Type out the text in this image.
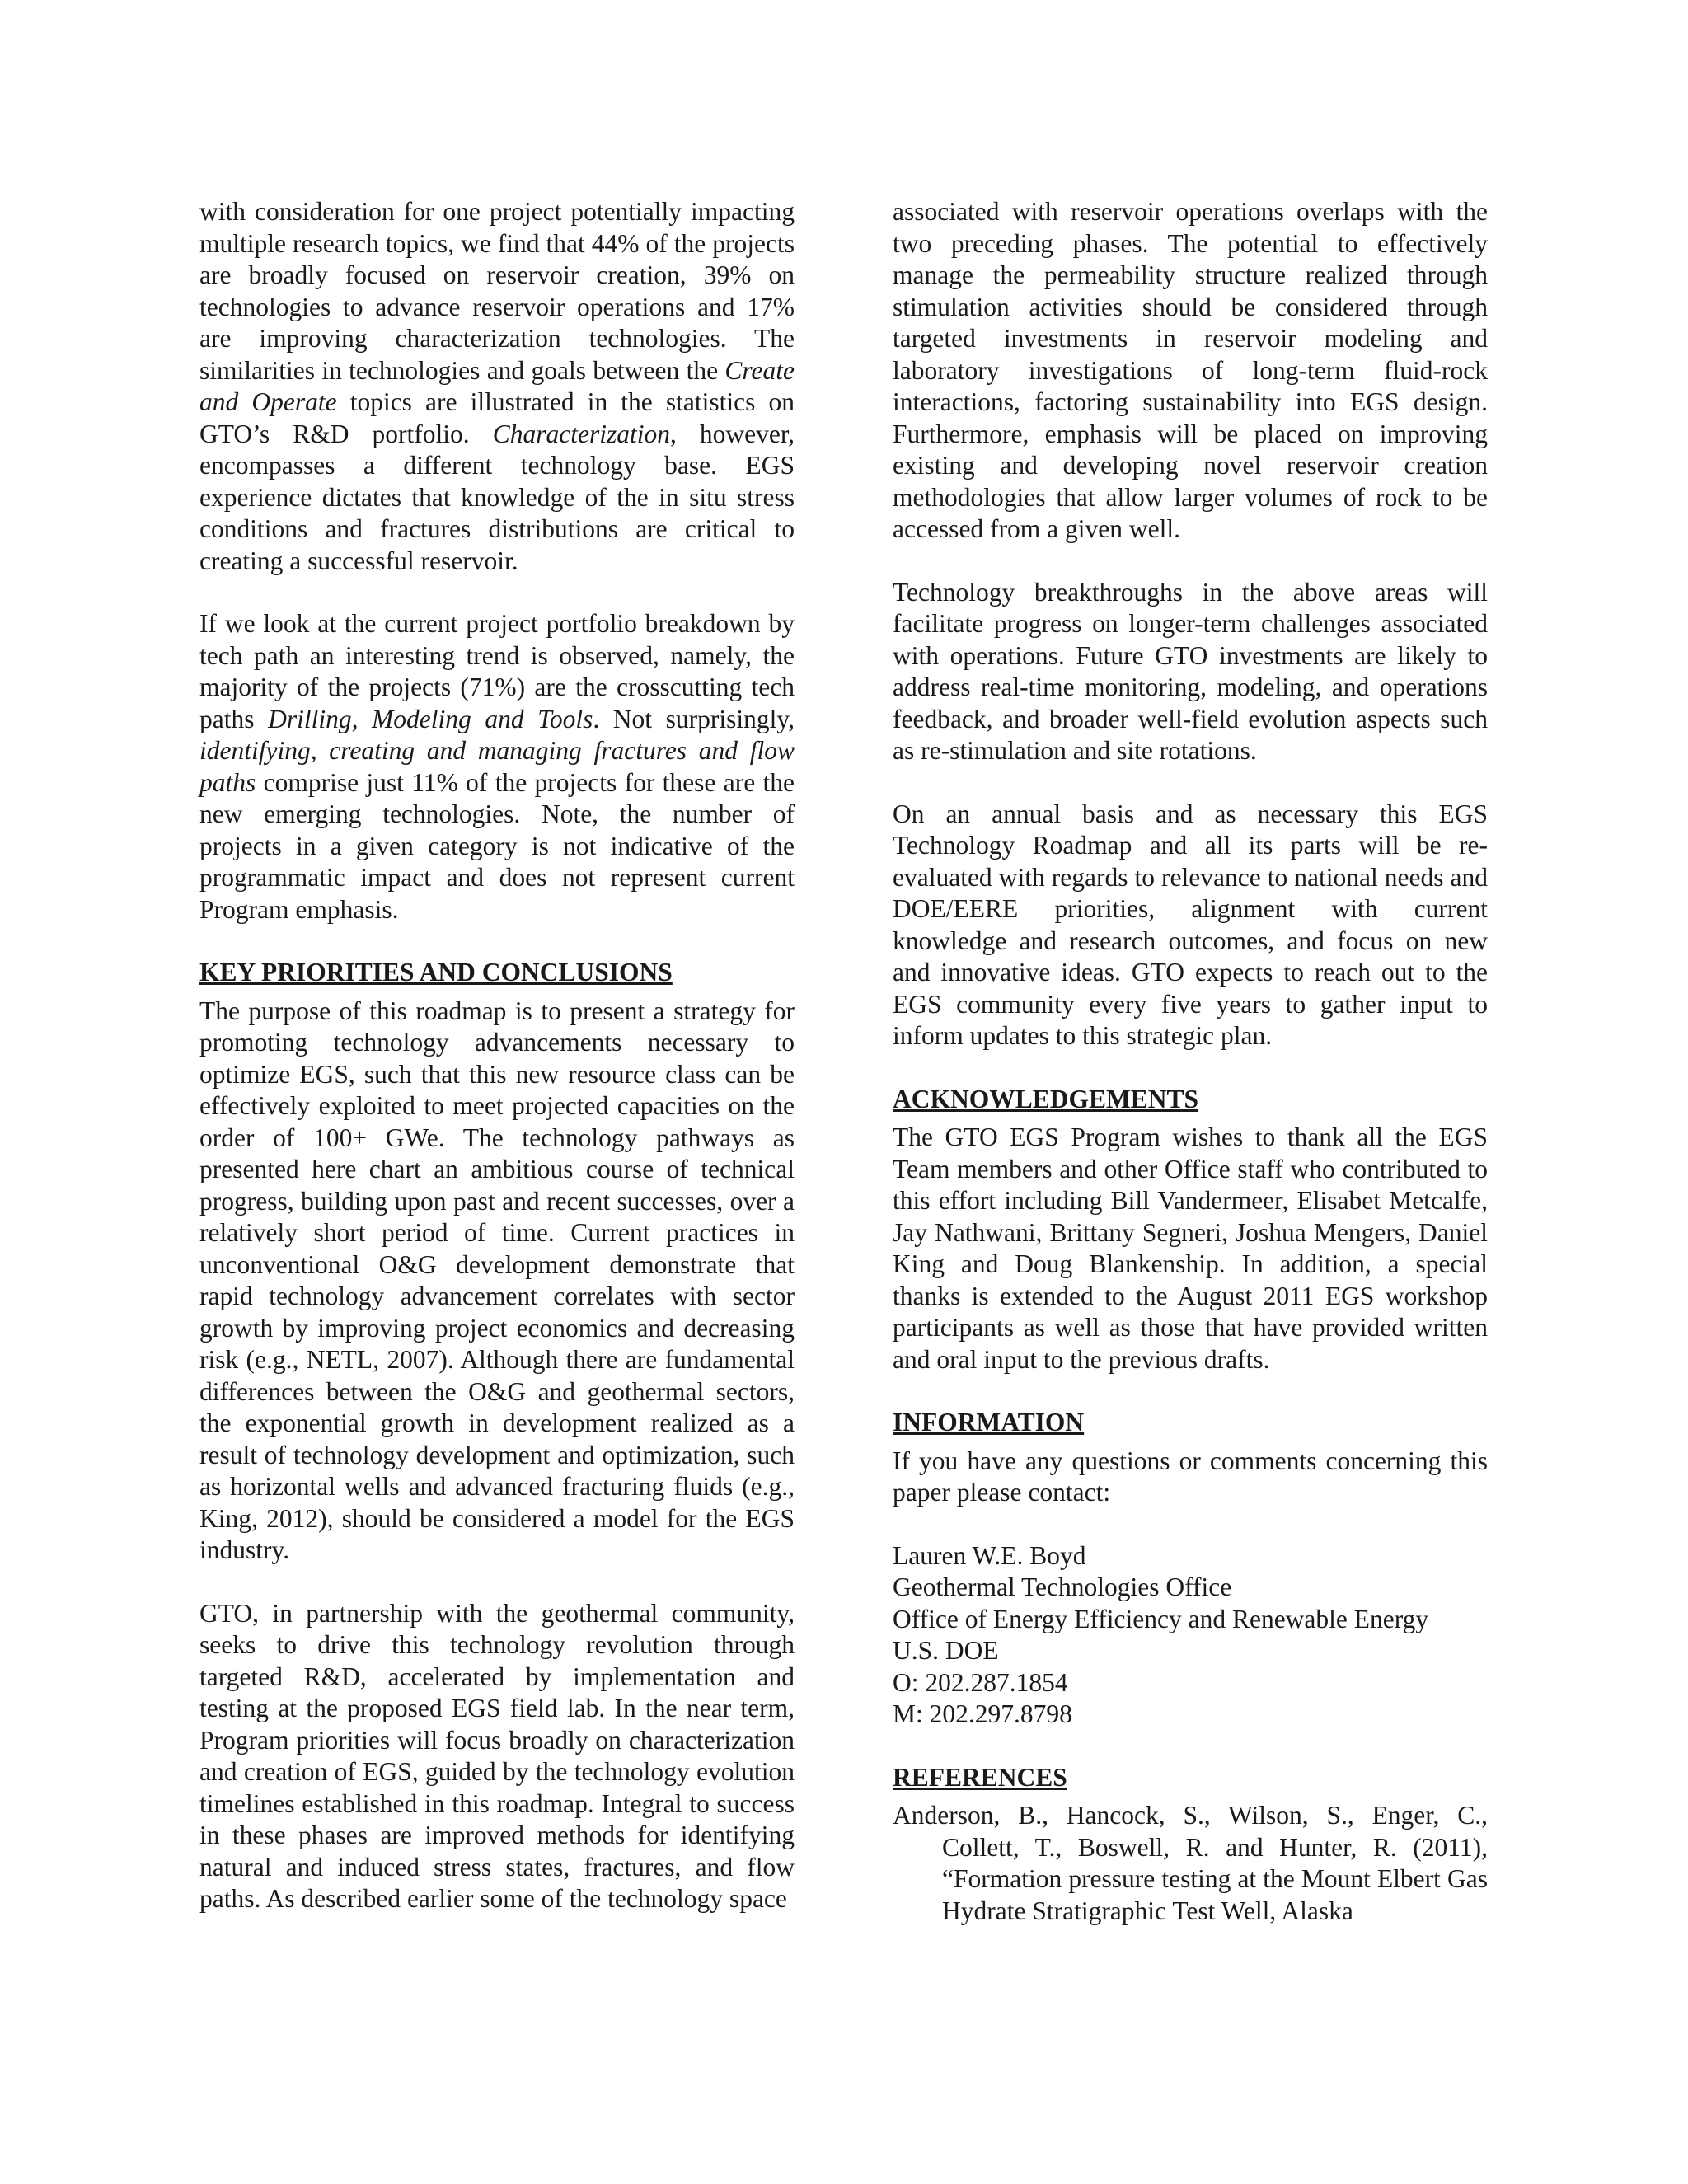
with consideration for one project potentially impacting multiple research topics, we find that 44% of the projects are broadly focused on reservoir creation, 39% on technologies to advance reservoir operations and 17% are improving characterization technologies. The similarities in technologies and goals between the Create and Operate topics are illustrated in the statistics on GTO’s R&D portfolio. Characterization, however, encompasses a different technology base. EGS experience dictates that knowledge of the in situ stress conditions and fractures distributions are critical to creating a successful reservoir.

If we look at the current project portfolio breakdown by tech path an interesting trend is observed, namely, the majority of the projects (71%) are the crosscutting tech paths Drilling, Modeling and Tools. Not surprisingly, identifying, creating and managing fractures and flow paths comprise just 11% of the projects for these are the new emerging technologies. Note, the number of projects in a given category is not indicative of the programmatic impact and does not represent current Program emphasis.

KEY PRIORITIES AND CONCLUSIONS

The purpose of this roadmap is to present a strategy for promoting technology advancements necessary to optimize EGS, such that this new resource class can be effectively exploited to meet projected capacities on the order of 100+ GWe. The technology pathways as presented here chart an ambitious course of technical progress, building upon past and recent successes, over a relatively short period of time. Current practices in unconventional O&G development demonstrate that rapid technology advancement correlates with sector growth by improving project economics and decreasing risk (e.g., NETL, 2007). Although there are fundamental differences between the O&G and geothermal sectors, the exponential growth in development realized as a result of technology development and optimization, such as horizontal wells and advanced fracturing fluids (e.g., King, 2012), should be considered a model for the EGS industry.

GTO, in partnership with the geothermal community, seeks to drive this technology revolution through targeted R&D, accelerated by implementation and testing at the proposed EGS field lab. In the near term, Program priorities will focus broadly on characterization and creation of EGS, guided by the technology evolution timelines established in this roadmap. Integral to success in these phases are improved methods for identifying natural and induced stress states, fractures, and flow paths. As described earlier some of the technology space

associated with reservoir operations overlaps with the two preceding phases. The potential to effectively manage the permeability structure realized through stimulation activities should be considered through targeted investments in reservoir modeling and laboratory investigations of long-term fluid-rock interactions, factoring sustainability into EGS design. Furthermore, emphasis will be placed on improving existing and developing novel reservoir creation methodologies that allow larger volumes of rock to be accessed from a given well.

Technology breakthroughs in the above areas will facilitate progress on longer-term challenges associated with operations. Future GTO investments are likely to address real-time monitoring, modeling, and operations feedback, and broader well-field evolution aspects such as re-stimulation and site rotations.

On an annual basis and as necessary this EGS Technology Roadmap and all its parts will be re-evaluated with regards to relevance to national needs and DOE/EERE priorities, alignment with current knowledge and research outcomes, and focus on new and innovative ideas. GTO expects to reach out to the EGS community every five years to gather input to inform updates to this strategic plan.

ACKNOWLEDGEMENTS

The GTO EGS Program wishes to thank all the EGS Team members and other Office staff who contributed to this effort including Bill Vandermeer, Elisabet Metcalfe, Jay Nathwani, Brittany Segneri, Joshua Mengers, Daniel King and Doug Blankenship. In addition, a special thanks is extended to the August 2011 EGS workshop participants as well as those that have provided written and oral input to the previous drafts.

INFORMATION

If you have any questions or comments concerning this paper please contact:

Lauren W.E. Boyd
Geothermal Technologies Office
Office of Energy Efficiency and Renewable Energy
U.S. DOE
O: 202.287.1854
M: 202.297.8798
REFERENCES

Anderson, B., Hancock, S., Wilson, S., Enger, C., Collett, T., Boswell, R. and Hunter, R. (2011), “Formation pressure testing at the Mount Elbert Gas Hydrate Stratigraphic Test Well, Alaska
